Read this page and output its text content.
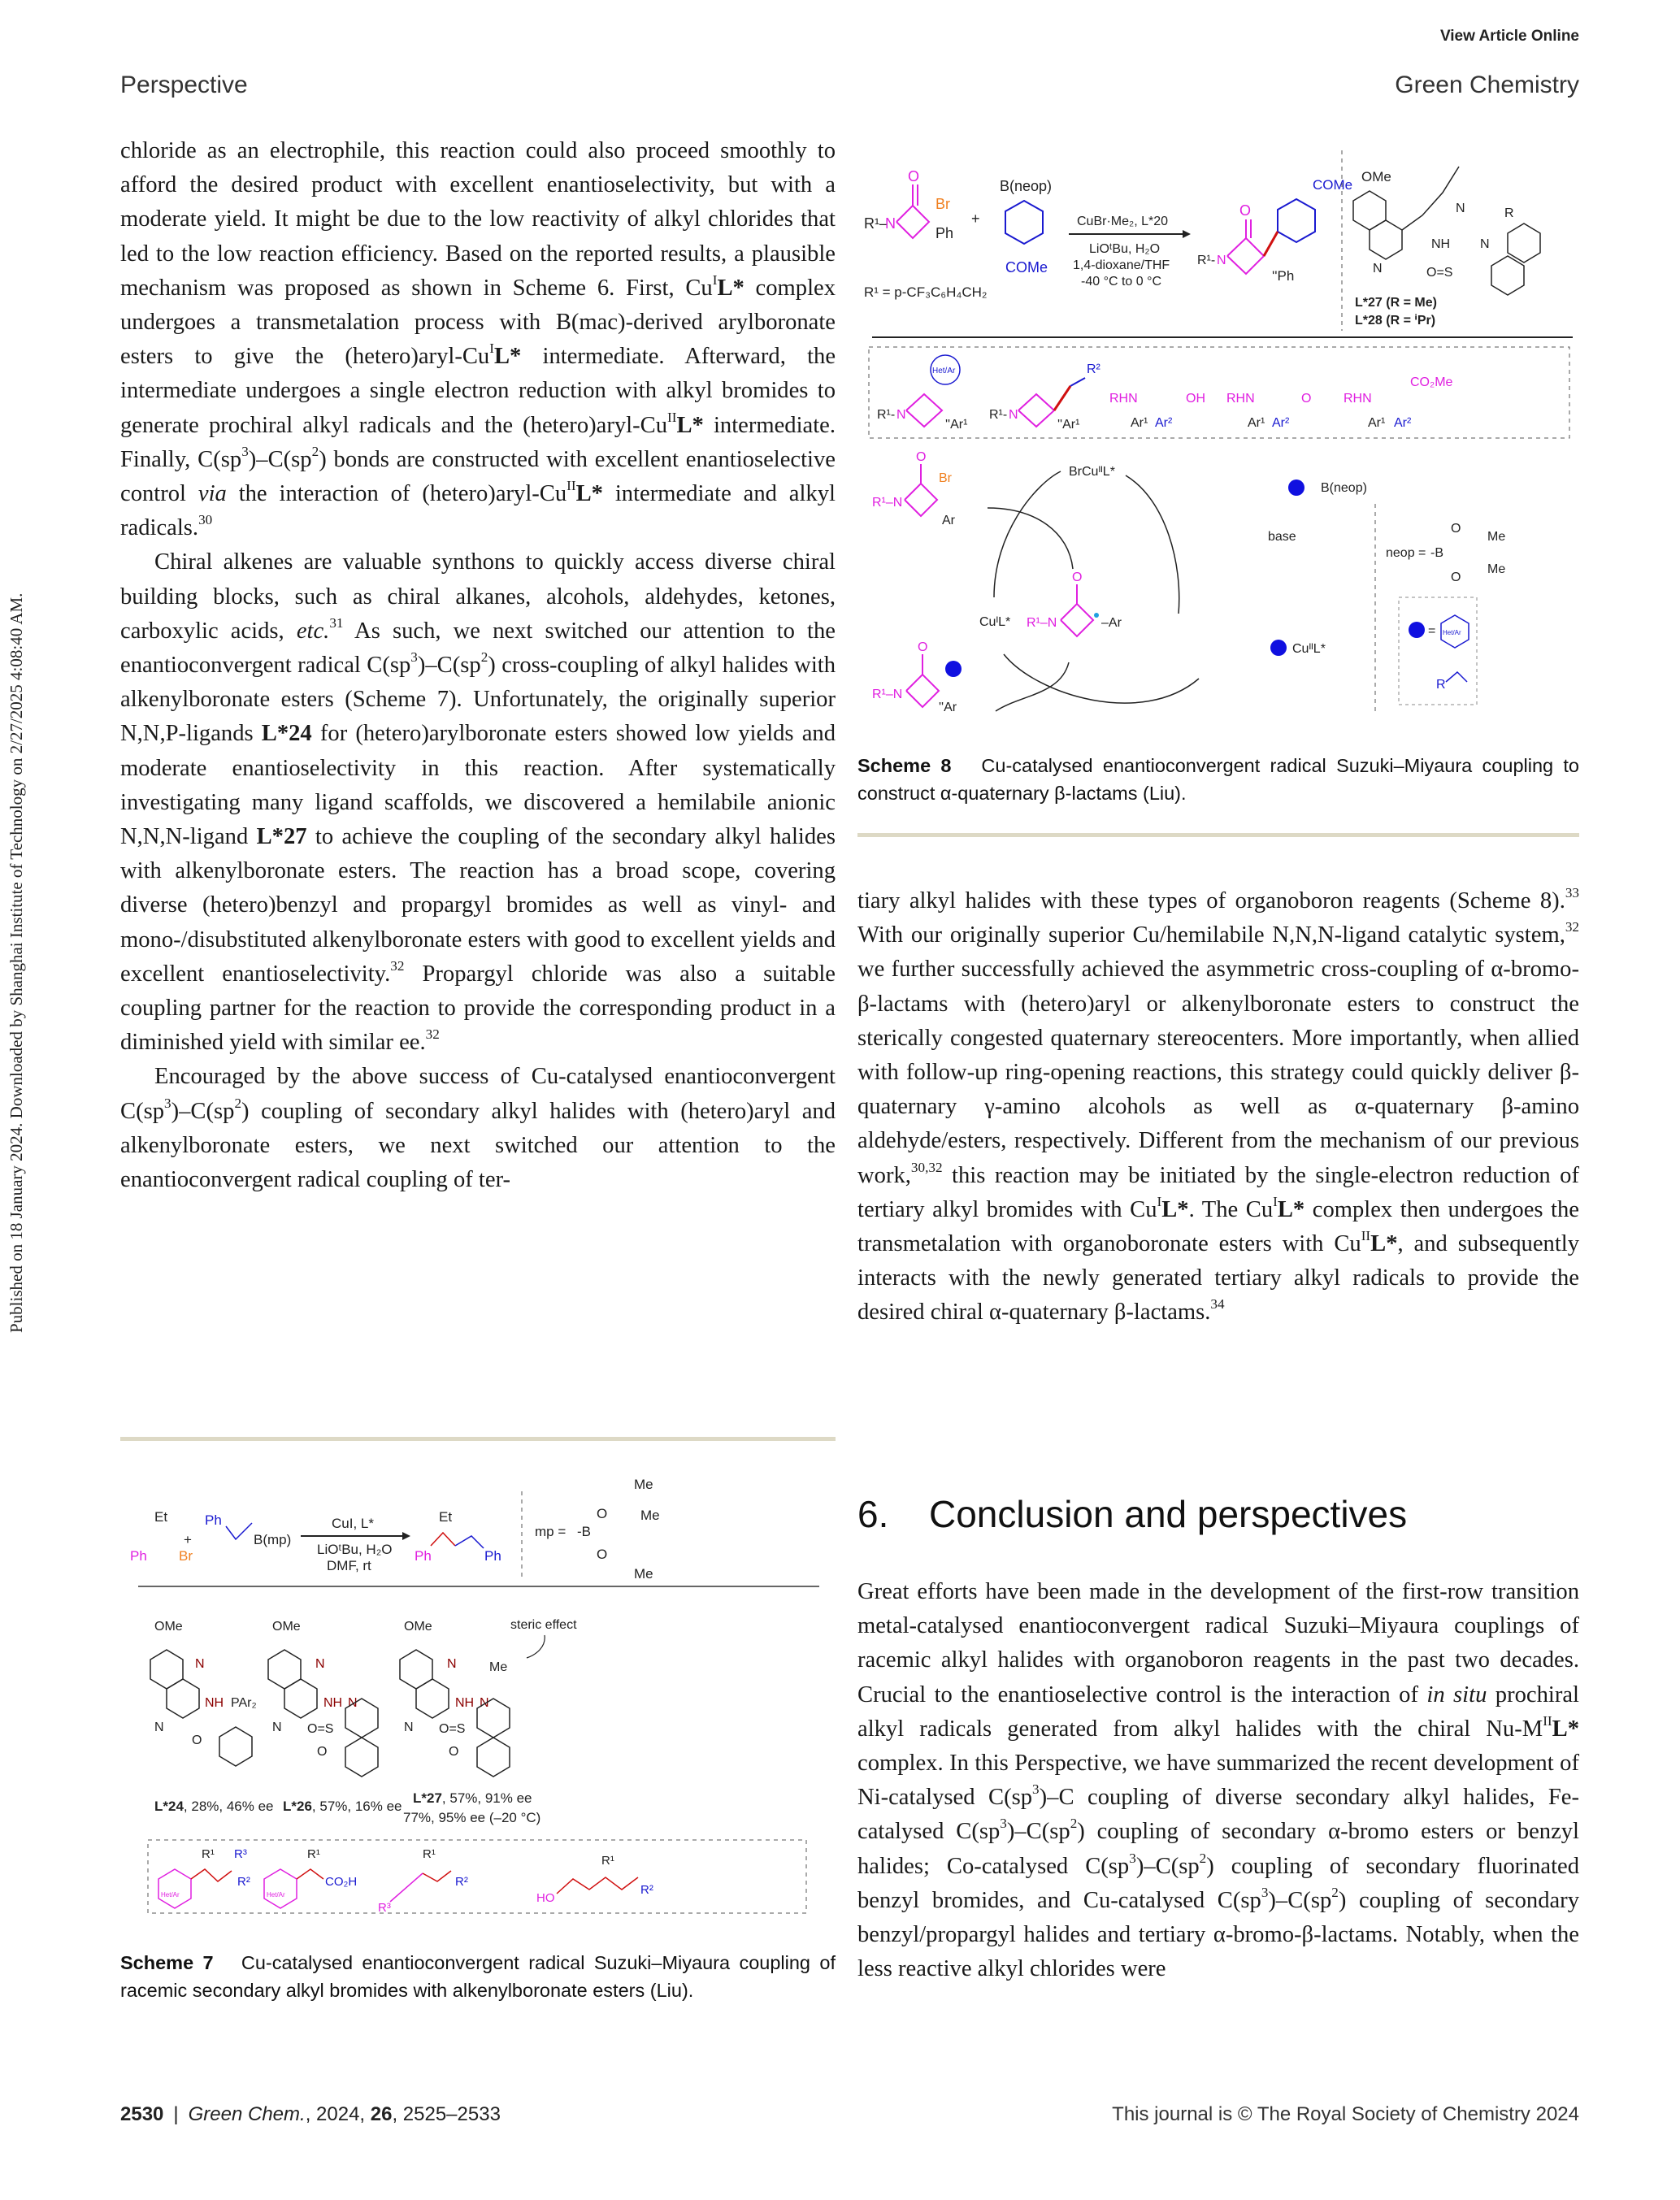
View Article Online
Perspective	Green Chemistry
Published on 18 January 2024. Downloaded by Shanghai Institute of Technology on 2/27/2025 4:08:40 AM.

chloride as an electrophile, this reaction could also proceed smoothly to afford the desired product with excellent enantioselectivity, but with a moderate yield. It might be due to the low reactivity of alkyl chlorides that led to the low reaction efficiency. Based on the reported results, a plausible mechanism was proposed as shown in Scheme 6. First, $Cu^IL*$ complex undergoes a transmetalation process with B(mac)-derived arylboronate esters to give the $(hetero)aryl-Cu^IL*$ intermediate. Afterward, the intermediate undergoes a single electron reduction with alkyl bromides to generate prochiral alkyl radicals and the $(hetero)aryl-Cu^{II}L*$ intermediate. Finally, $C(sp^3)-C(sp^2)$ bonds are constructed with excellent enantioselective control via the interaction of $(hetero)aryl-Cu^{II}L*$ intermediate and alkyl radicals.$^{30}$

Chiral alkenes are valuable synthons to quickly access diverse chiral building blocks, such as chiral alkanes, alcohols, aldehydes, ketones, carboxylic acids, etc.$^{31}$ As such, we next switched our attention to the enantioconvergent radical $C(sp^3)-C(sp^2)$ cross-coupling of alkyl halides with alkenylboronate esters (Scheme 7). Unfortunately, the originally superior N,N,P-ligands L*24 for (hetero)arylboronate esters showed low yields and moderate enantioselectivity in this reaction. After systematically investigating many ligand scaffolds, we discovered a hemilabile anionic N,N,N-ligand L*27 to achieve the coupling of the secondary alkyl halides with alkenylboronate esters. The reaction has a broad scope, covering diverse (hetero)benzyl and propargyl bromides as well as vinyl- and mono-/disubstituted alkenylboronate esters with good to excellent yields and excellent enantioselectivity.$^{32}$ Propargyl chloride was also a suitable coupling partner for the reaction to provide the corresponding product in a diminished yield with similar ee.$^{32}$

Encouraged by the above success of Cu-catalysed enantioconvergent $C(sp^3)-C(sp^2)$ coupling of secondary alkyl halides with (hetero)aryl and alkenylboronate esters, we next switched our attention to the enantioconvergent radical coupling of ter-

O
R¹–
N
Br
Ph
+
B(neop)
COMe
R¹ = p-CF₃C₆H₄CH₂
CuBr·Me₂, L*20
LiOᵗBu, H₂O
1,4-dioxane/THF
-40 °C to 0 °C
O
R¹- N
COMe
''Ph
OMe
N
N
NH N
R
O=S
L*27 (R = Me)
L*28 (R = ⁱPr)
R¹- N
Het/Ar
''Ar¹
R¹- N
R²
''Ar¹
RHN	OH
Ar¹ Ar²
RHN	O
Ar¹ Ar²
RHN
CO₂Me
Ar¹ Ar²
BrCuᴵᴵL*
CuᴵL*
B(neop)
base
CuᴵᴵL*
O
R¹–N
Br
Ar
O
R¹–N	–Ar
O
R¹–N
''Ar
neop = -B
O
O
Me
Me
= Het/Ar
R
Scheme 8 Cu-catalysed enantioconvergent radical Suzuki–Miyaura coupling to construct α-quaternary β-lactams (Liu).

tiary alkyl halides with these types of organoboron reagents (Scheme 8).$^{33}$ With our originally superior Cu/hemilabile N,N,N-ligand catalytic system,$^{32}$ we further successfully achieved the asymmetric cross-coupling of α-bromo-β-lactams with (hetero)aryl or alkenylboronate esters to construct the sterically congested quaternary stereocenters. More importantly, when allied with follow-up ring-opening reactions, this strategy could quickly deliver β-quaternary γ-amino alcohols as well as α-quaternary β-amino aldehyde/esters, respectively. Different from the mechanism of our previous work,$^{30,32}$ this reaction may be initiated by the single-electron reduction of tertiary alkyl bromides with $Cu^IL*$. The $Cu^IL*$ complex then undergoes the transmetalation with organoboronate esters with $Cu^{II}L*$, and subsequently interacts with the newly generated tertiary alkyl radicals to provide the desired chiral α-quaternary β-lactams.$^{34}$

6. Conclusion and perspectives

Great efforts have been made in the development of the first-row transition metal-catalysed enantioconvergent radical Suzuki–Miyaura couplings of racemic alkyl halides with organoboron reagents in the past two decades. Crucial to the enantioselective control is the interaction of in situ prochiral alkyl radicals generated from alkyl halides with the chiral $Nu-M^{II}L*$ complex. In this Perspective, we have summarized the recent development of Ni-catalysed $C(sp^3)-C$ coupling of diverse secondary alkyl halides, Fe-catalysed $C(sp^3)-C(sp^2)$ coupling of secondary α-bromo esters or benzyl halides; Co-catalysed $C(sp^3)-C(sp^2)$ coupling of secondary fluorinated benzyl bromides, and Cu-catalysed $C(sp^3)-C(sp^2)$ coupling of secondary benzyl/propargyl halides and tertiary α-bromo-β-lactams. Notably, when the less reactive alkyl chlorides were

Et
Ph Br
+
Ph
B(mp)
CuI, L*
LiOᵗBu, H₂O
DMF, rt
Et
Ph	Ph
mp = -B
O
O
Me
Me
Me
OMe
N
N
NH PAr₂
O
OMe
N
N
NH N
O=S
O
OMe
N
N
NH N
Me
steric effect
O=S
O
L*24, 28%, 46% ee L*26, 57%, 16% ee
L*27, 57%, 91% ee
77%, 95% ee (–20 °C)
Het/Ar
R¹ R³
R²
Het/Ar
R¹
CO₂H
R¹
R³
R²
R¹
HO
R²
Scheme 7 Cu-catalysed enantioconvergent radical Suzuki–Miyaura coupling of racemic secondary alkyl bromides with alkenylboronate esters (Liu).
2530 | Green Chem., 2024, 26, 2525–2533	This journal is © The Royal Society of Chemistry 2024
